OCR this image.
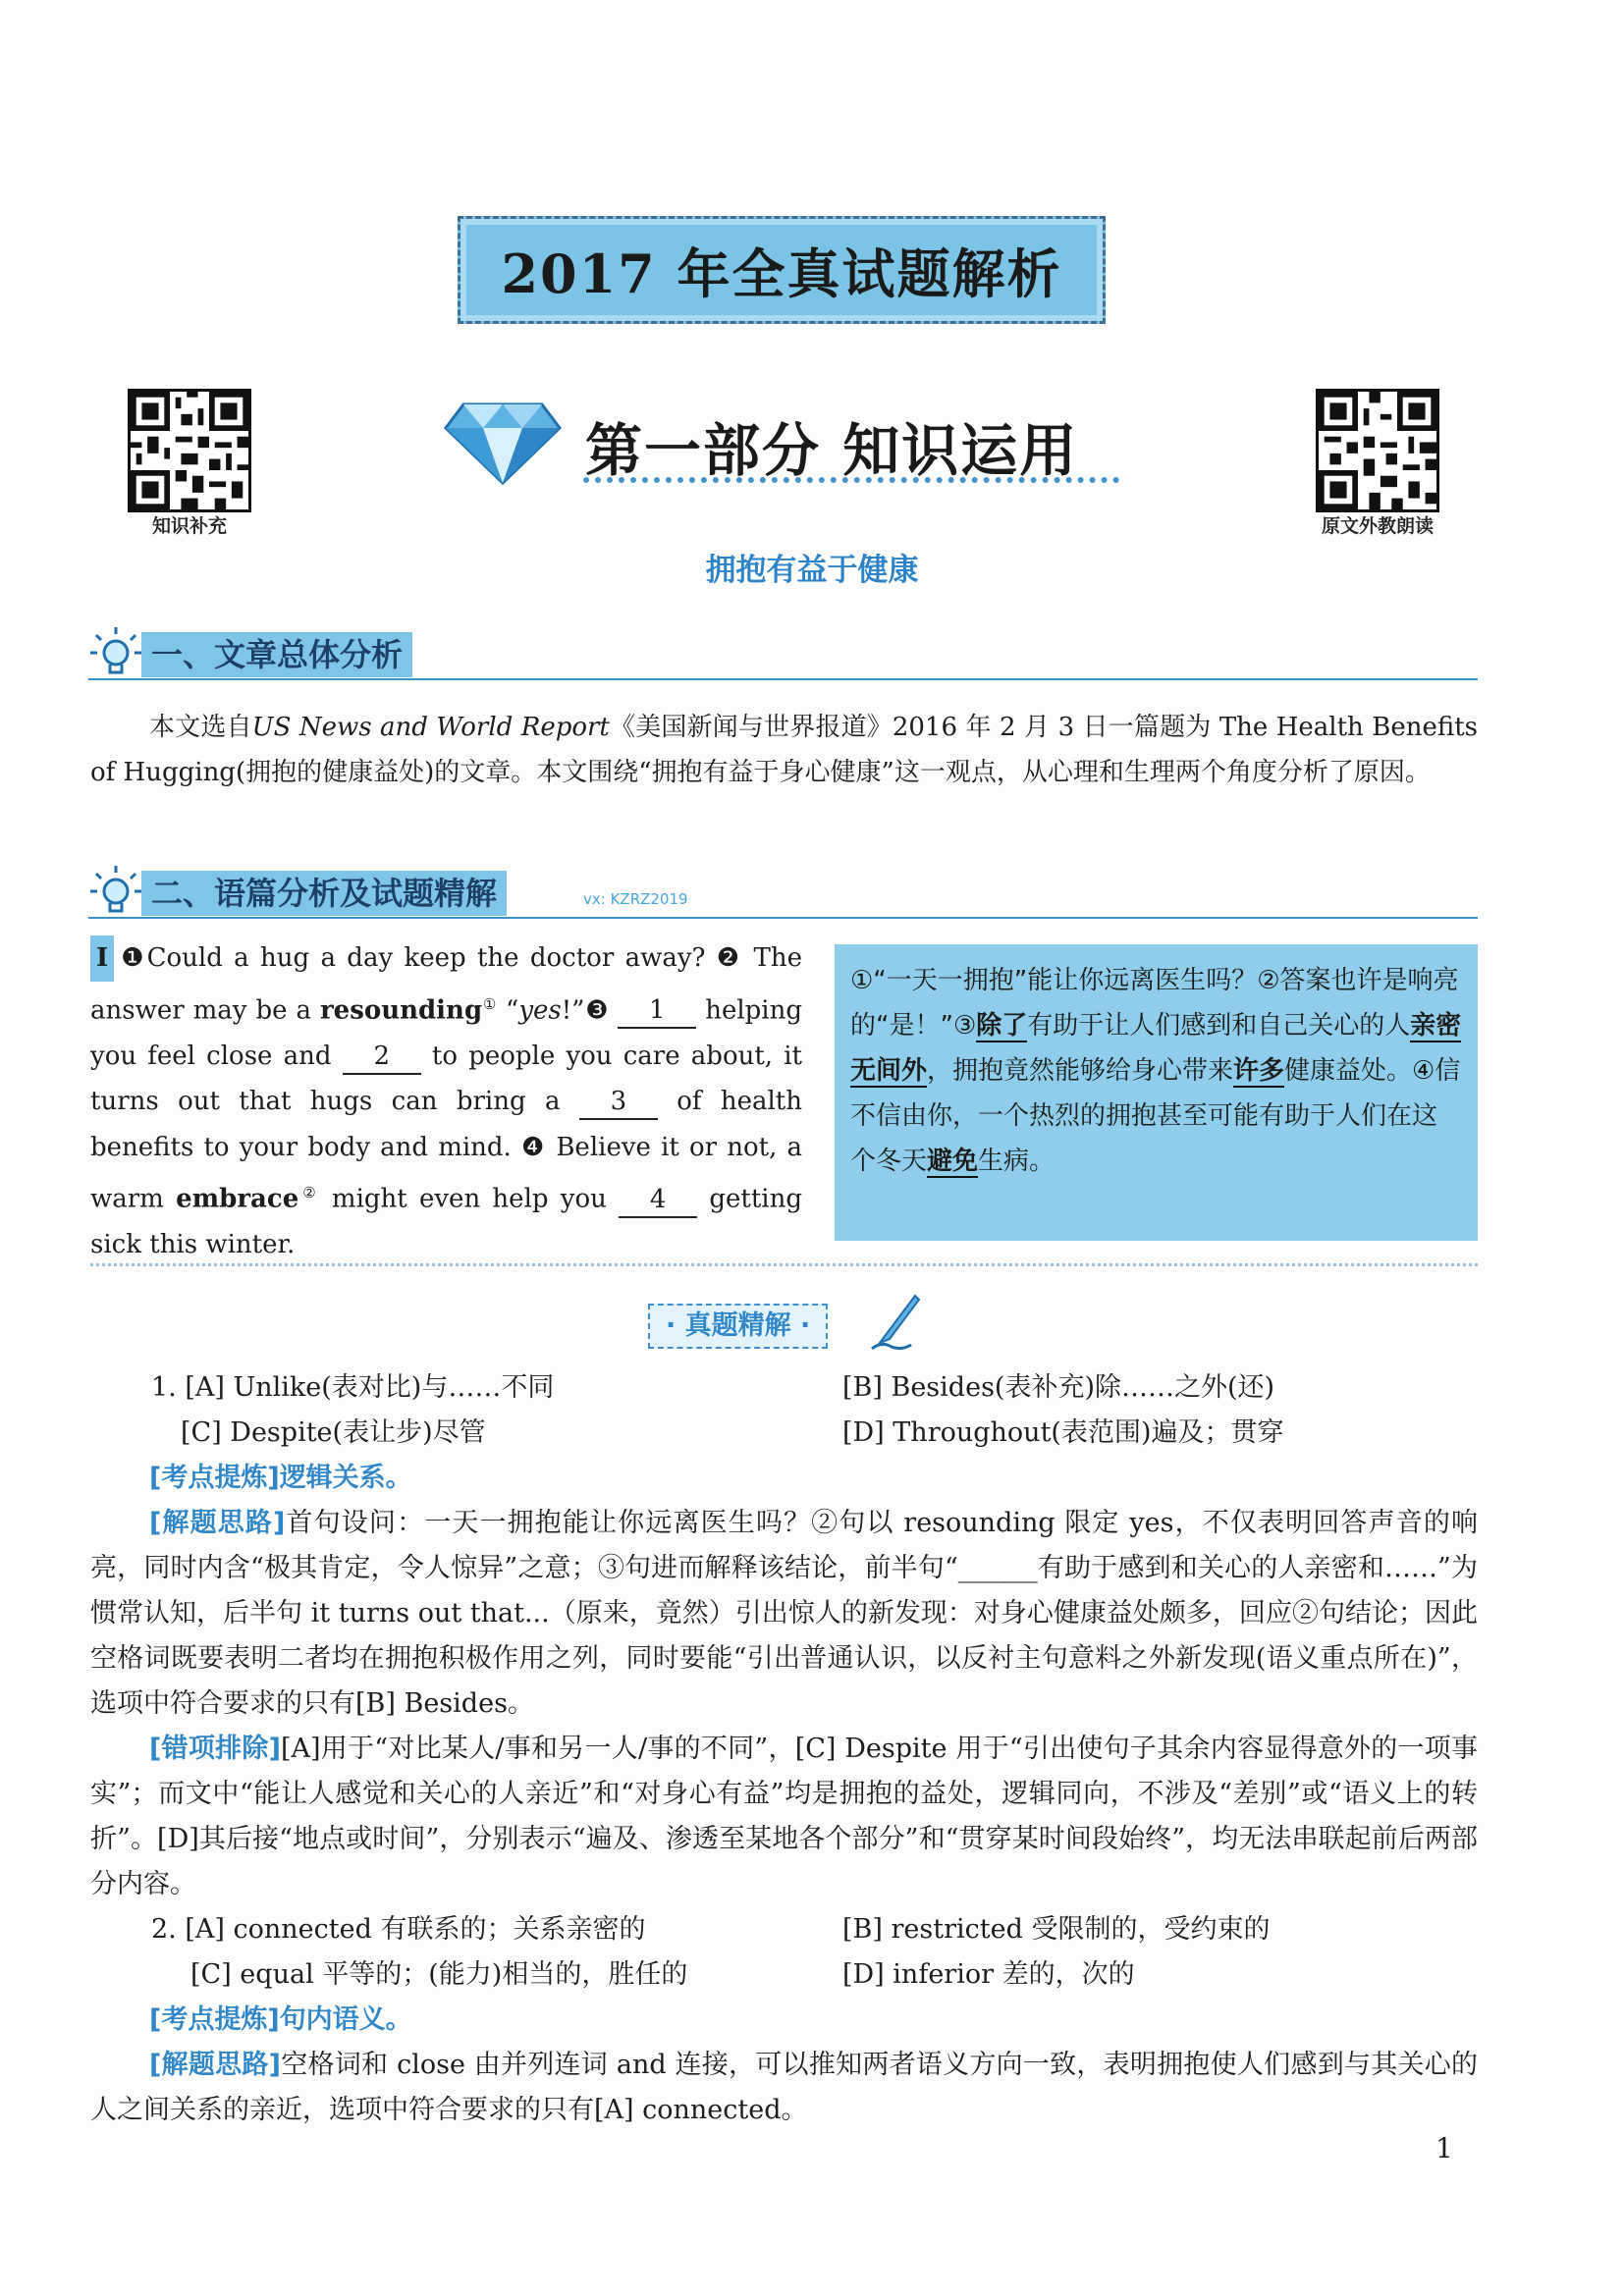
2017 年全真试题解析
知识补充	原文外教朗读
第一部分 知识运用
拥抱有益于健康
一、文章总体分析

本文选自US News and World Report《美国新闻与世界报道》2016 年 2 月 3 日一篇题为 The Health Benefits of Hugging(拥抱的健康益处)的文章。本文围绕“拥抱有益于身心健康”这一观点，从心理和生理两个角度分析了原因。

二、语篇分析及试题精解	vx: KZRZ2019
Ⅰ ❶Could a hug a day keep the doctor away? ❷ The answer may be a resounding① “yes!”❸ 1 helping you feel close and 2 to people you care about, it turns out that hugs can bring a 3 of health benefits to your body and mind. ❹ Believe it or not, a warm embrace② might even help you 4 getting sick this winter.
①“一天一拥抱”能让你远离医生吗？②答案也许是响亮的“是！”③除了有助于让人们感到和自己关心的人亲密无间外，拥抱竟然能够给身心带来许多健康益处。④信不信由你，一个热烈的拥抱甚至可能有助于人们在这个冬天避免生病。
· 真题精解 ·
1. [A] Unlike(表对比)与……不同	[B] Besides(表补充)除……之外(还)
[C] Despite(表让步)尽管	[D] Throughout(表范围)遍及；贯穿
[考点提炼]逻辑关系。
[解题思路]首句设问：一天一拥抱能让你远离医生吗？②句以 resounding 限定 yes，不仅表明回答声音的响亮，同时内含“极其肯定，令人惊异”之意；③句进而解释该结论，前半句“______有助于感到和关心的人亲密和……”为惯常认知，后半句 it turns out that...（原来，竟然）引出惊人的新发现：对身心健康益处颇多，回应②句结论；因此空格词既要表明二者均在拥抱积极作用之列，同时要能“引出普通认识，以反衬主句意料之外新发现(语义重点所在)”，选项中符合要求的只有[B] Besides。
[错项排除][A]用于“对比某人/事和另一人/事的不同”，[C] Despite 用于“引出使句子其余内容显得意外的一项事实”；而文中“能让人感觉和关心的人亲近”和“对身心有益”均是拥抱的益处，逻辑同向，不涉及“差别”或“语义上的转折”。[D]其后接“地点或时间”，分别表示“遍及、渗透至某地各个部分”和“贯穿某时间段始终”，均无法串联起前后两部分内容。
2. [A] connected 有联系的；关系亲密的	[B] restricted 受限制的，受约束的
[C] equal 平等的；(能力)相当的，胜任的	[D] inferior 差的，次的
[考点提炼]句内语义。
[解题思路]空格词和 close 由并列连词 and 连接，可以推知两者语义方向一致，表明拥抱使人们感到与其关心的人之间关系的亲近，选项中符合要求的只有[A] connected。
1
